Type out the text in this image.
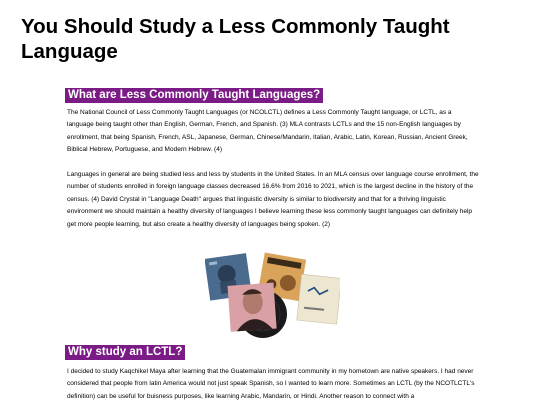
You Should Study a Less Commonly Taught Language
What are Less Commonly Taught Languages?

The National Council of Less Commonly Taught Languages (or NCOLCTL) defines a Less Commonly Taught language, or LCTL, as a language being taught other than English, German, French, and Spanish. (3) MLA contrasts LCTLs and the 15 non-English languages by enrollment, that being Spanish, French, ASL, Japanese, German, Chinese/Mandarin, Italian, Arabic, Latin, Korean, Russian, Ancient Greek, Biblical Hebrew, Portuguese, and Modern Hebrew. (4)

Languages in general are being studied less and less by students in the United States. In an MLA census over language course enrollment, the number of students enrolled in foreign language classes decreased 16.6% from 2016 to 2021, which is the largest decline in the history of the census. (4) David Crystal in "Language Death" argues that linguistic diversity is similar to biodiversity and that for a thriving linguistic environment we should maintain a healthy diversity of languages I believe learning these less commonly taught languages can definitely help get more people learning, but also create a healthy diversity of languages being spoken. (2)

Why study an LCTL?

I decided to study Kaqchikel Maya after learning that the Guatemalan immigrant community in my hometown are native speakers. I had never considered that people from latin America would not just speak Spanish, so I wanted to learn more. Sometimes an LCTL (by the NCOTLCTL's definition) can be useful for buisness purposes, like learning Arabic, Mandarin, or Hindi. Another reason to connect with a
